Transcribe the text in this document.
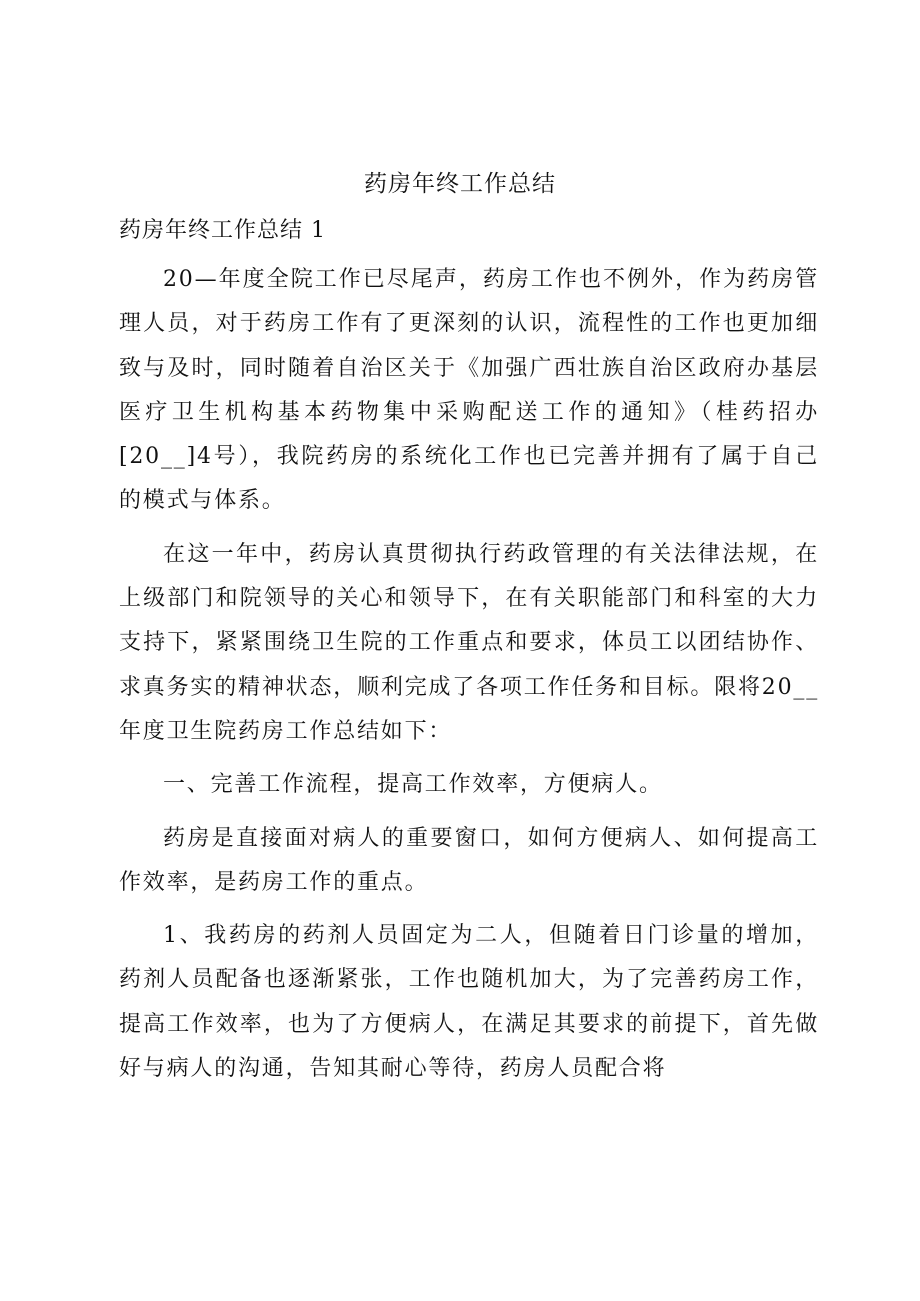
药房年终工作总结
药房年终工作总结 1

20—年度全院工作已尽尾声，药房工作也不例外，作为药房管理人员，对于药房工作有了更深刻的认识，流程性的工作也更加细致与及时，同时随着自治区关于《加强广西壮族自治区政府办基层医疗卫生机构基本药物集中采购配送工作的通知》（桂药招办[20__]4号），我院药房的系统化工作也已完善并拥有了属于自己的模式与体系。

在这一年中，药房认真贯彻执行药政管理的有关法律法规，在上级部门和院领导的关心和领导下，在有关职能部门和科室的大力支持下，紧紧围绕卫生院的工作重点和要求，体员工以团结协作、求真务实的精神状态，顺利完成了各项工作任务和目标。限将20__年度卫生院药房工作总结如下：

一、完善工作流程，提高工作效率，方便病人。

药房是直接面对病人的重要窗口，如何方便病人、如何提高工作效率，是药房工作的重点。

1、我药房的药剂人员固定为二人，但随着日门诊量的增加，药剂人员配备也逐渐紧张，工作也随机加大，为了完善药房工作，提高工作效率，也为了方便病人，在满足其要求的前提下，首先做好与病人的沟通，告知其耐心等待，药房人员配合将
